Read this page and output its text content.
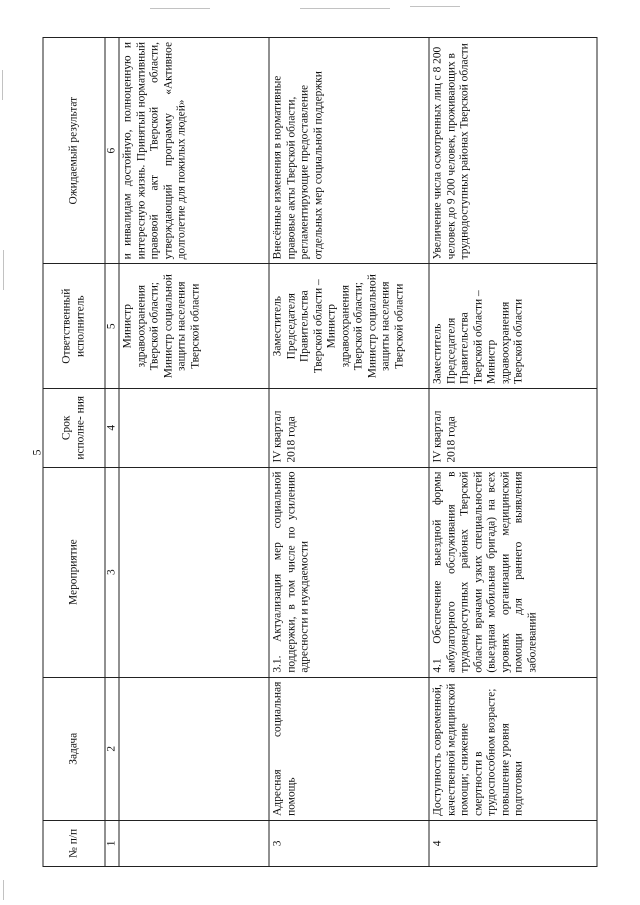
5
№ п/п	Задача	Мероприятие	Срок исполне- ния	Ответственный исполнитель	Ожидаемый результат
1	2	3	4	5	6
				Министр здравоохранения Тверской области; Министр социальной защиты населения Тверской области	и инвалидам достойную, полноценную и интересную жизнь. Принятый нормативный правовой акт Тверской области, утверждающий программу «Активное долголетие для пожилых людей»
3	Адресная социальная помощь	3.1. Актуализация мер социальной поддержки, в том числе по усилению адресности и нуждаемости	IV квартал 2018 года	Заместитель Председателя Правительства Тверской области – Министр здравоохранения Тверской области; Министр социальной защиты населения Тверской области	Внесённые изменения в нормативные правовые акты Тверской области, регламентирующие предоставление отдельных мер социальной поддержки
4	Доступность современной, качественной медицинской помощи; снижение смертности в трудоспособном возрасте; повышение уровня подготовки	4.1 Обеспечение выездной формы амбулаторного обслуживания в трудонедоступных районах Тверской области врачами узких специальностей (выездная мобильная бригада) на всех уровнях организации медицинской помощи для раннего выявления заболеваний	IV квартал 2018 года	Заместитель Председателя Правительства Тверской области – Министр здравоохранения Тверской области	Увеличение числа осмотренных лиц с 8 200 человек до 9 200 человек, проживающих в труднодоступных районах Тверской области
